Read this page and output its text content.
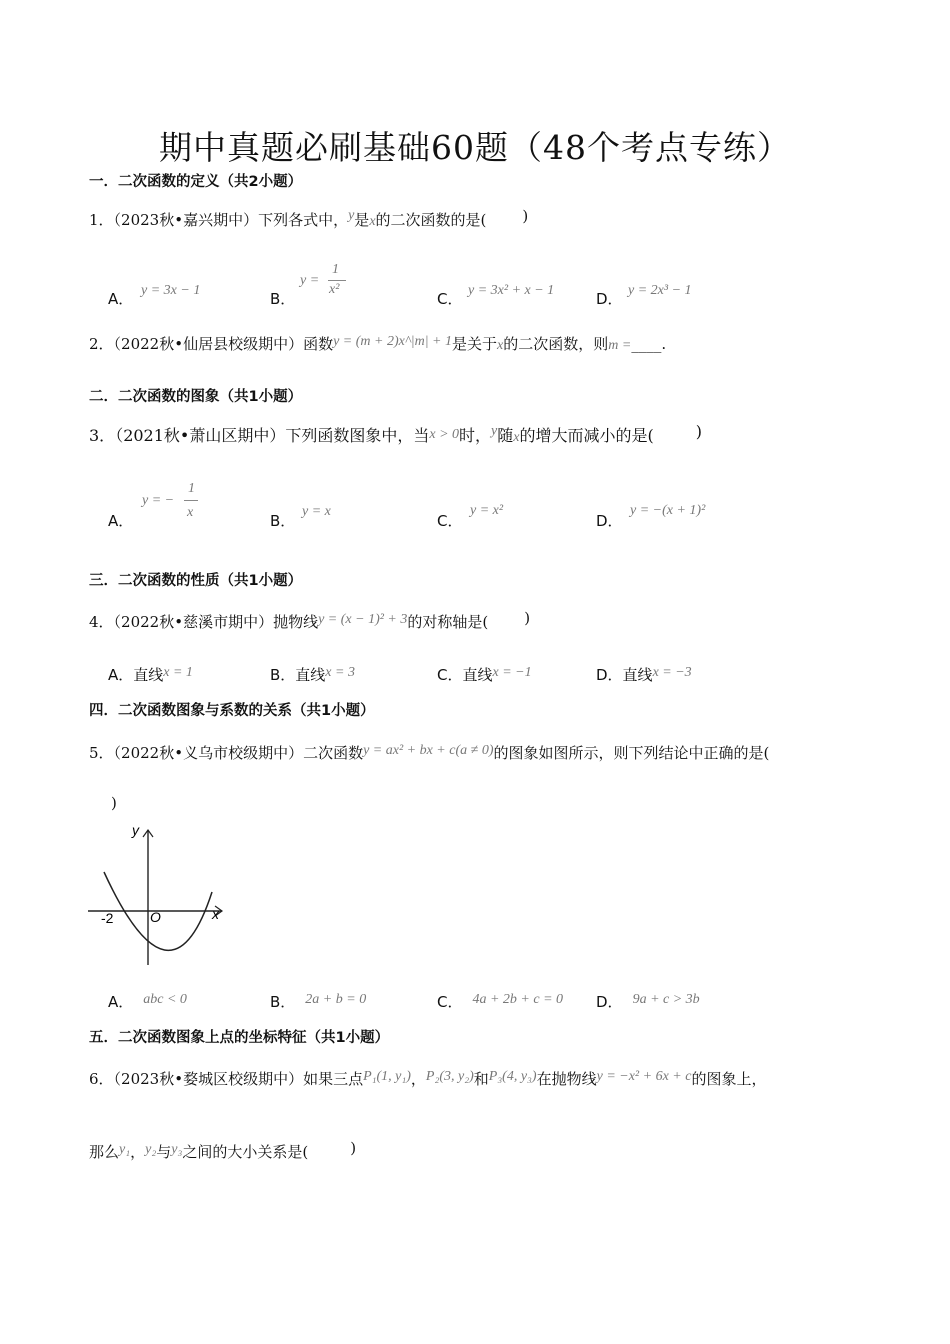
期中真题必刷基础60题（48个考点专练）
一．二次函数的定义（共2小题）
1．（2023秋•嘉兴期中）下列各式中，$^y$是x的二次函数的是( )
A． y = 3x − 1	B．
y =
1
x²
C． y = 3x² + x − 1	D． y = 2x³ − 1
2．（2022秋•仙居县校级期中）函数y = (m + 2)x^|m| + 1是关于x的二次函数，则m =____.
二．二次函数的图象（共1小题）
3．（2021秋•萧山区期中）下列函数图象中，当x > 0时，$^y$随x的增大而减小的是(	)
A．
y = −
1
x	B．
y = x
C．
y = x²
D．
y = −(x + 1)²
三．二次函数的性质（共1小题）
4．（2022秋•慈溪市期中）抛物线y = (x − 1)² + 3的对称轴是( )
A．直线x = 1	B．直线x = 3	C．直线x = −1	D．直线x = −3
四．二次函数图象与系数的关系（共1小题）
5．（2022秋•义乌市校级期中）二次函数y = ax² + bx + c(a ≠ 0)的图象如图所示，则下列结论中正确的是(
)
y
x
O
-2
A． abc < 0	B． 2a + b = 0	C． 4a + 2b + c = 0 D． 9a + c > 3b
五．二次函数图象上点的坐标特征（共1小题）
6．（2023秋•婺城区校级期中）如果三点P₁(1, y₁)，P₂(3, y₂)和P₃(4, y₃)在抛物线y = −x² + 6x + c的图象上，
那么y₁，y₂与y₃之间的大小关系是(	)
